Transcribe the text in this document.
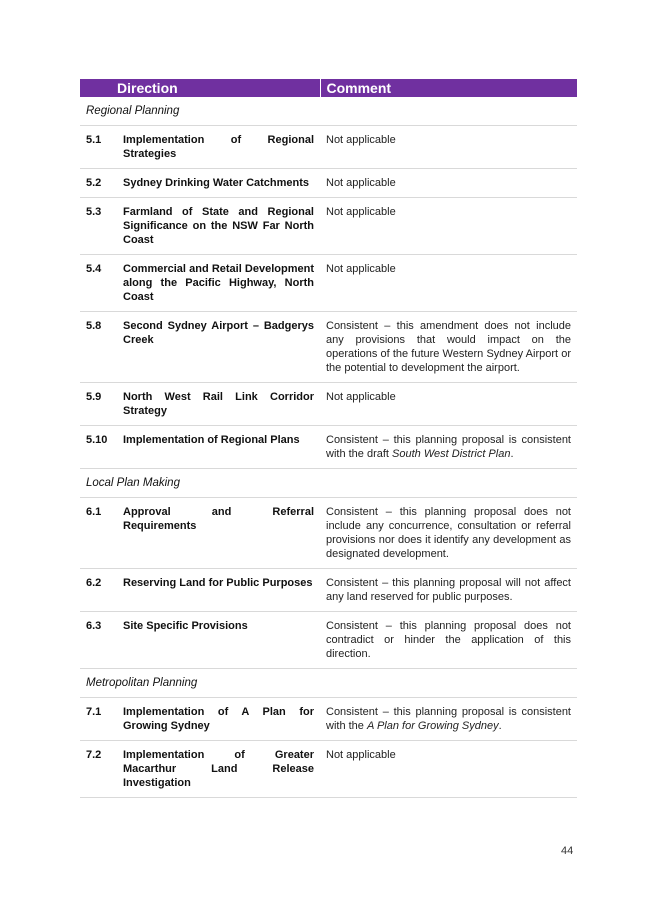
Direction	Comment
Regional Planning	
5.1 Implementation of Regional Strategies	Not applicable
5.2 Sydney Drinking Water Catchments	Not applicable
5.3 Farmland of State and Regional Significance on the NSW Far North Coast	Not applicable
5.4 Commercial and Retail Development along the Pacific Highway, North Coast	Not applicable
5.8 Second Sydney Airport – Badgerys Creek	Consistent – this amendment does not include any provisions that would impact on the operations of the future Western Sydney Airport or the potential to development the airport.
5.9 North West Rail Link Corridor Strategy	Not applicable
5.10 Implementation of Regional Plans	Consistent – this planning proposal is consistent with the draft South West District Plan.
Local Plan Making	
6.1 Approval and Referral Requirements	Consistent – this planning proposal does not include any concurrence, consultation or referral provisions nor does it identify any development as designated development.
6.2 Reserving Land for Public Purposes	Consistent – this planning proposal will not affect any land reserved for public purposes.
6.3 Site Specific Provisions	Consistent – this planning proposal does not contradict or hinder the application of this direction.
Metropolitan Planning	
7.1 Implementation of A Plan for Growing Sydney	Consistent – this planning proposal is consistent with the A Plan for Growing Sydney.
7.2 Implementation of Greater Macarthur Land Release Investigation	Not applicable
44
